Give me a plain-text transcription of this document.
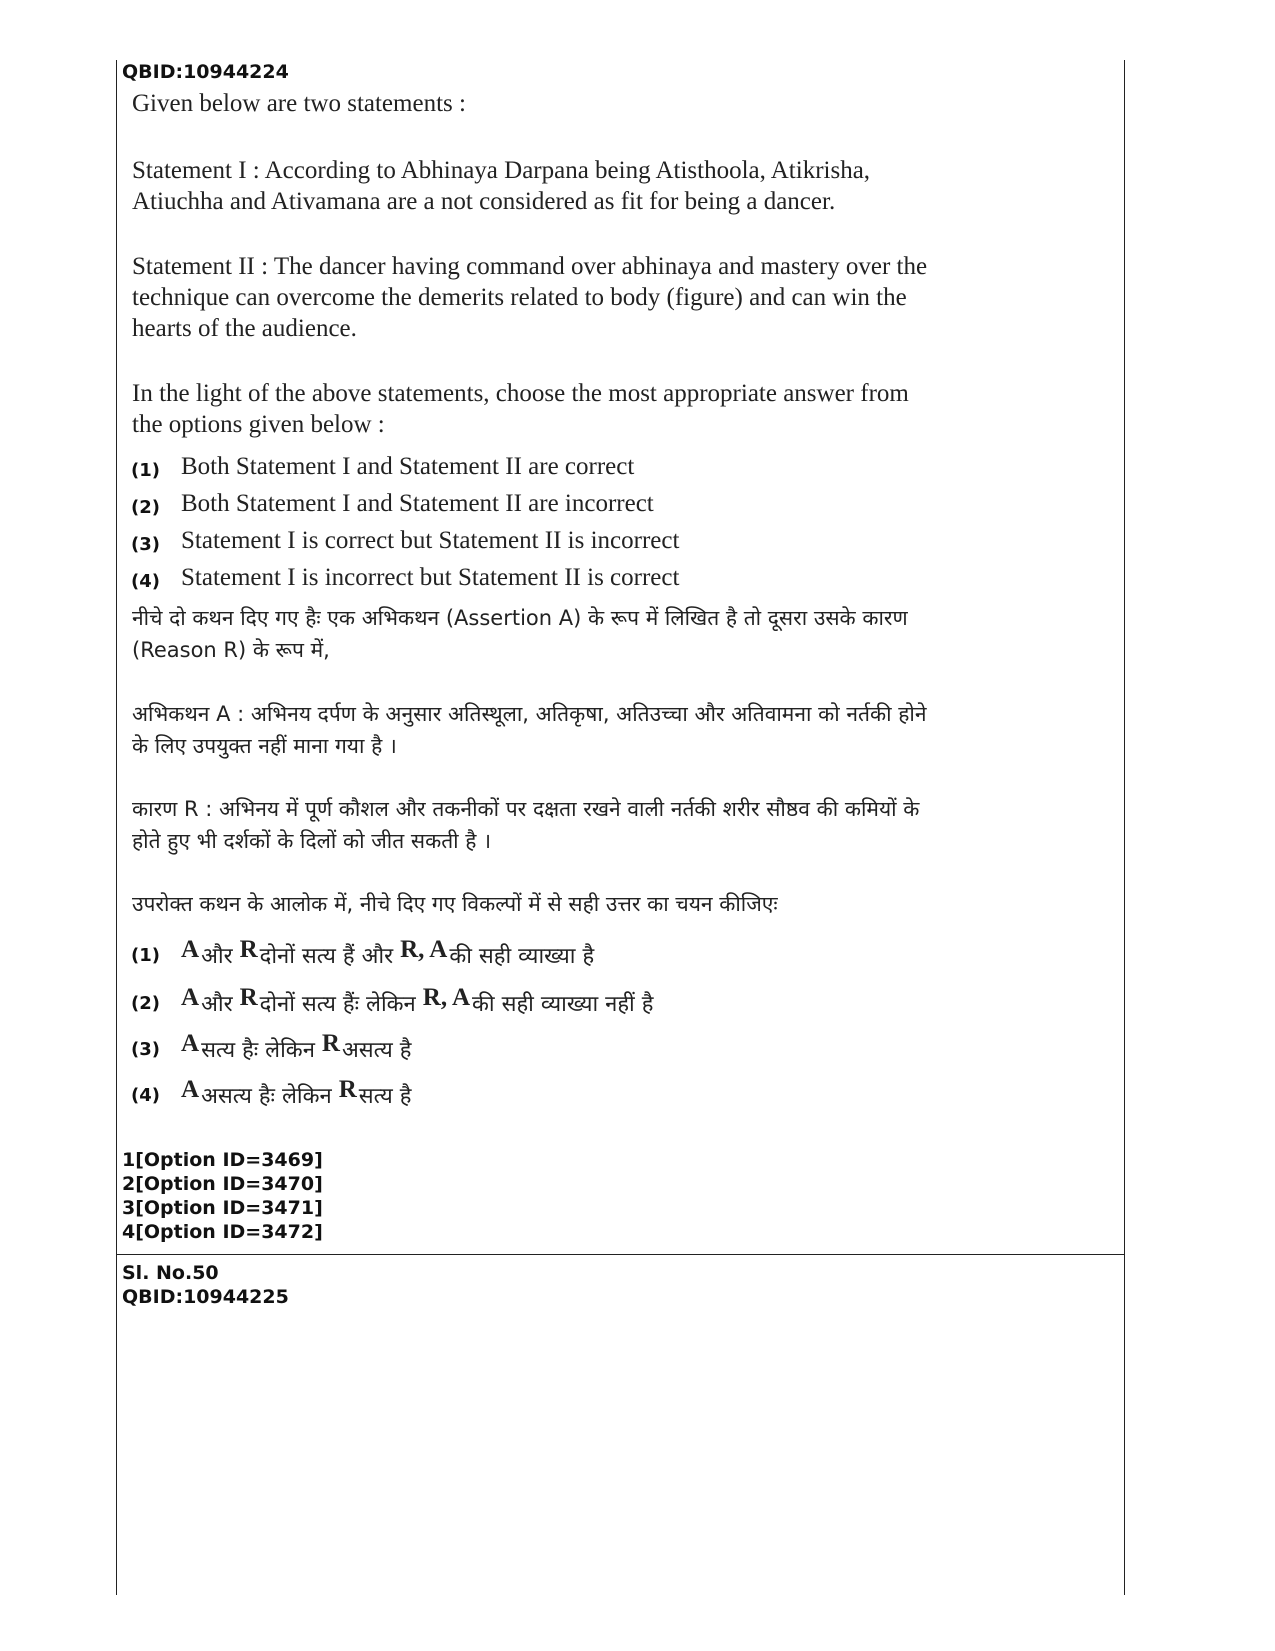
QBID:10944224
Given below are two statements :
Statement I : According to Abhinaya Darpana being Atisthoola, Atikrisha,
Atiuchha and Ativamana are a not considered as fit for being a dancer.
Statement II : The dancer having command over abhinaya and mastery over the
technique can overcome the demerits related to body (figure) and can win the
hearts of the audience.
In the light of the above statements, choose the most appropriate answer from
the options given below :
(1) Both Statement I and Statement II are correct
(2) Both Statement I and Statement II are incorrect
(3) Statement I is correct but Statement II is incorrect
(4) Statement I is incorrect but Statement II is correct
नीचे दो कथन दिए गए हैः एक अभिकथन (Assertion A) के रूप में लिखित है तो दूसरा उसके कारण
(Reason R) के रूप में,
अभिकथन A : अभिनय दर्पण के अनुसार अतिस्थूला, अतिकृषा, अतिउच्चा और अतिवामना को नर्तकी होने
के लिए उपयुक्त नहीं माना गया है ।
कारण R : अभिनय में पूर्ण कौशल और तकनीकों पर दक्षता रखने वाली नर्तकी शरीर सौष्ठव की कमियों के
होते हुए भी दर्शकों के दिलों को जीत सकती है ।
उपरोक्त कथन के आलोक में, नीचे दिए गए विकल्पों में से सही उत्तर का चयन कीजिएः
(1) Aऔर Rदोनों सत्य हैं और R, Aकी सही व्याख्या है
(2) Aऔर Rदोनों सत्य हैंः लेकिन R, Aकी सही व्याख्या नहीं है
(3) Aसत्य हैः लेकिन Rअसत्य है
(4) Aअसत्य हैः लेकिन Rसत्य है
1[Option ID=3469]
2[Option ID=3470]
3[Option ID=3471]
4[Option ID=3472]
Sl. No.50
QBID:10944225
